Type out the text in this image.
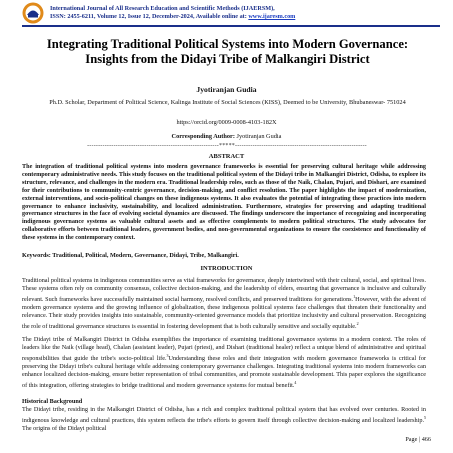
International Journal of All Research Education and Scientific Methods (IJAERSM),
ISSN: 2455-6211, Volume 12, Issue 12, December-2024, Available online at: www.ijaresm.com
Integrating Traditional Political Systems into Modern Governance: Insights from the Didayi Tribe of Malkangiri District
Jyotiranjan Gudia
Ph.D. Scholar, Department of Political Science, Kalinga Institute of Social Sciences (KISS), Deemed to be University, Bhubaneswar- 751024
https://orcid.org/0009-0008-4103-182X
Corresponding Author: Jyotiranjan Gudia
------------------------------------------------------------*****------------------------------------------------------------
ABSTRACT

The integration of traditional political systems into modern governance frameworks is essential for preserving cultural heritage while addressing contemporary administrative needs. This study focuses on the traditional political system of the Didayi tribe in Malkangiri District, Odisha, to explore its structure, relevance, and challenges in the modern era. Traditional leadership roles, such as those of the Naik, Chalan, Pujari, and Dishari, are examined for their contributions to community-centric governance, decision-making, and conflict resolution. The paper highlights the impact of modernization, external interventions, and socio-political changes on these indigenous systems. It also evaluates the potential of integrating these practices into modern governance to enhance inclusivity, sustainability, and localized administration. Furthermore, strategies for preserving and adapting traditional governance structures in the face of evolving societal dynamics are discussed. The findings underscore the importance of recognizing and incorporating indigenous governance systems as valuable cultural assets and as effective complements to modern political structures. The study advocates for collaborative efforts between traditional leaders, government bodies, and non-governmental organizations to ensure the coexistence and functionality of these systems in the contemporary context.

Keywords: Traditional, Political, Modern, Governance, Didayi, Tribe, Malkangiri.
INTRODUCTION

Traditional political systems in indigenous communities serve as vital frameworks for governance, deeply intertwined with their cultural, social, and spiritual lives. These systems often rely on community consensus, collective decision-making, and the leadership of elders, ensuring that governance is inclusive and culturally relevant. Such frameworks have successfully maintained social harmony, resolved conflicts, and preserved traditions for generations.$^1$However, with the advent of modern governance systems and the growing influence of globalization, these indigenous political systems face challenges that threaten their functionality and relevance. Their study provides insights into sustainable, community-oriented governance models that prioritize inclusivity and cultural preservation. Recognizing the role of traditional governance structures is essential in fostering development that is both culturally sensitive and socially equitable.$^2$

The Didayi tribe of Malkangiri District in Odisha exemplifies the importance of examining traditional governance systems in a modern context. The roles of leaders like the Naik (village head), Chalan (assistant leader), Pujari (priest), and Dishari (traditional healer) reflect a unique blend of administrative and spiritual responsibilities that guide the tribe's socio-political life.$^3$Understanding these roles and their integration with modern governance frameworks is critical for preserving the Didayi tribe's cultural heritage while addressing contemporary governance challenges. Integrating traditional systems into modern frameworks can enhance localized decision-making, ensure better representation of tribal communities, and promote sustainable development. This paper explores the significance of this integration, offering strategies to bridge traditional and modern governance systems for mutual benefit.$^4$

Historical Background

The Didayi tribe, residing in the Malkangiri District of Odisha, has a rich and complex traditional political system that has evolved over centuries. Rooted in indigenous knowledge and cultural practices, this system reflects the tribe's efforts to govern itself through collective decision-making and localized leadership.$^5$ The origins of the Didayi political

Page | 466
